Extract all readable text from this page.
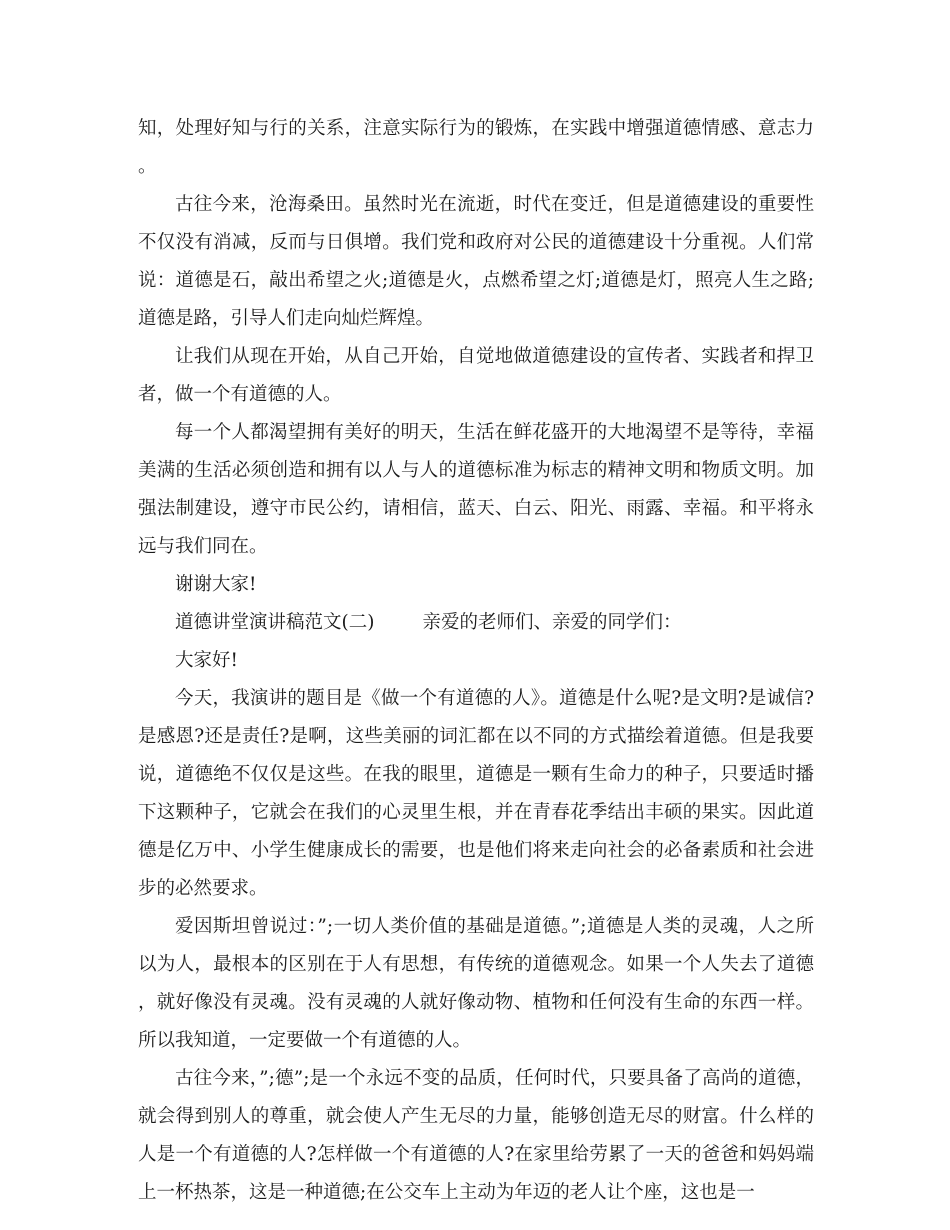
知，处理好知与行的关系，注意实际行为的锻炼，在实践中增强道德情感、意志力。

古往今来，沧海桑田。虽然时光在流逝，时代在变迁，但是道德建设的重要性不仅没有消减，反而与日俱增。我们党和政府对公民的道德建设十分重视。人们常说：道德是石，敲出希望之火;道德是火，点燃希望之灯;道德是灯，照亮人生之路;道德是路，引导人们走向灿烂辉煌。

让我们从现在开始，从自己开始，自觉地做道德建设的宣传者、实践者和捍卫者，做一个有道德的人。

每一个人都渴望拥有美好的明天，生活在鲜花盛开的大地渴望不是等待，幸福美满的生活必须创造和拥有以人与人的道德标准为标志的精神文明和物质文明。加强法制建设，遵守市民公约，请相信，蓝天、白云、阳光、雨露、幸福。和平将永远与我们同在。

谢谢大家!

道德讲堂演讲稿范文(二)	亲爱的老师们、亲爱的同学们：

大家好!

今天，我演讲的题目是《做一个有道德的人》。道德是什么呢?是文明?是诚信?是感恩?还是责任?是啊，这些美丽的词汇都在以不同的方式描绘着道德。但是我要说，道德绝不仅仅是这些。在我的眼里，道德是一颗有生命力的种子，只要适时播下这颗种子，它就会在我们的心灵里生根，并在青春花季结出丰硕的果实。因此道德是亿万中、小学生健康成长的需要，也是他们将来走向社会的必备素质和社会进步的必然要求。

爱因斯坦曾说过：”;一切人类价值的基础是道德。”;道德是人类的灵魂，人之所以为人，最根本的区别在于人有思想，有传统的道德观念。如果一个人失去了道德，就好像没有灵魂。没有灵魂的人就好像动物、植物和任何没有生命的东西一样。所以我知道，一定要做一个有道德的人。

古往今来，”;德”;是一个永远不变的品质，任何时代，只要具备了高尚的道德，就会得到别人的尊重，就会使人产生无尽的力量，能够创造无尽的财富。什么样的人是一个有道德的人?怎样做一个有道德的人?在家里给劳累了一天的爸爸和妈妈端上一杯热茶，这是一种道德;在公交车上主动为年迈的老人让个座，这也是一
